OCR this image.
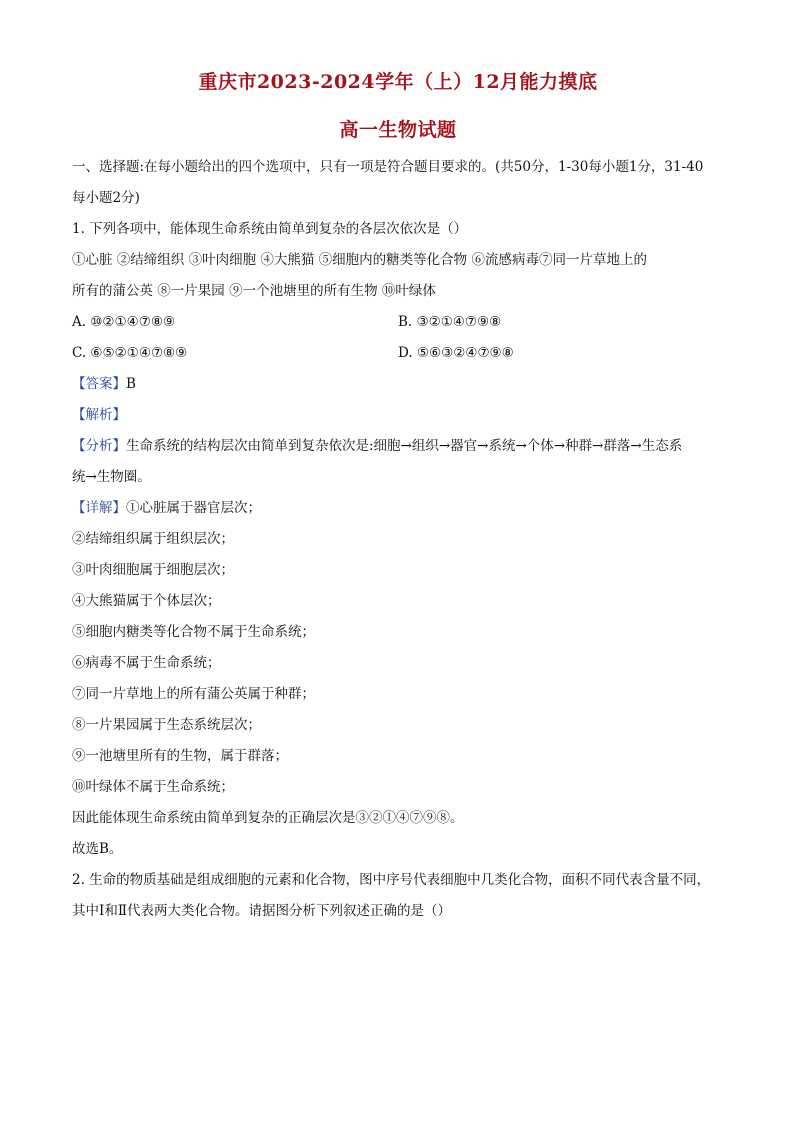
重庆市2023-2024学年（上）12月能力摸底
高一生物试题
一、选择题:在每小题给出的四个选项中，只有一项是符合题目要求的。(共50分，1-30每小题1分，31-40
每小题2分)
1. 下列各项中，能体现生命系统由简单到复杂的各层次依次是（）
①心脏 ②结缔组织 ③叶肉细胞 ④大熊猫 ⑤细胞内的糖类等化合物 ⑥流感病毒⑦同一片草地上的
所有的蒲公英 ⑧一片果园 ⑨一个池塘里的所有生物 ⑩叶绿体
A. ⑩②①④⑦⑧⑨	B. ③②①④⑦⑨⑧
C. ⑥⑤②①④⑦⑧⑨	D. ⑤⑥③②④⑦⑨⑧
【答案】B
【解析】
【分析】生命系统的结构层次由简单到复杂依次是:细胞→组织→器官→系统→个体→种群→群落→生态系
统→生物圈。
【详解】①心脏属于器官层次；
②结缔组织属于组织层次；
③叶肉细胞属于细胞层次；
④大熊猫属于个体层次；
⑤细胞内糖类等化合物不属于生命系统；
⑥病毒不属于生命系统；
⑦同一片草地上的所有蒲公英属于种群；
⑧一片果园属于生态系统层次；
⑨一池塘里所有的生物，属于群落；
⑩叶绿体不属于生命系统；
因此能体现生命系统由简单到复杂的正确层次是③②①④⑦⑨⑧。
故选B。
2. 生命的物质基础是组成细胞的元素和化合物，图中序号代表细胞中几类化合物，面积不同代表含量不同，
其中Ⅰ和Ⅱ代表两大类化合物。请据图分析下列叙述正确的是（）
